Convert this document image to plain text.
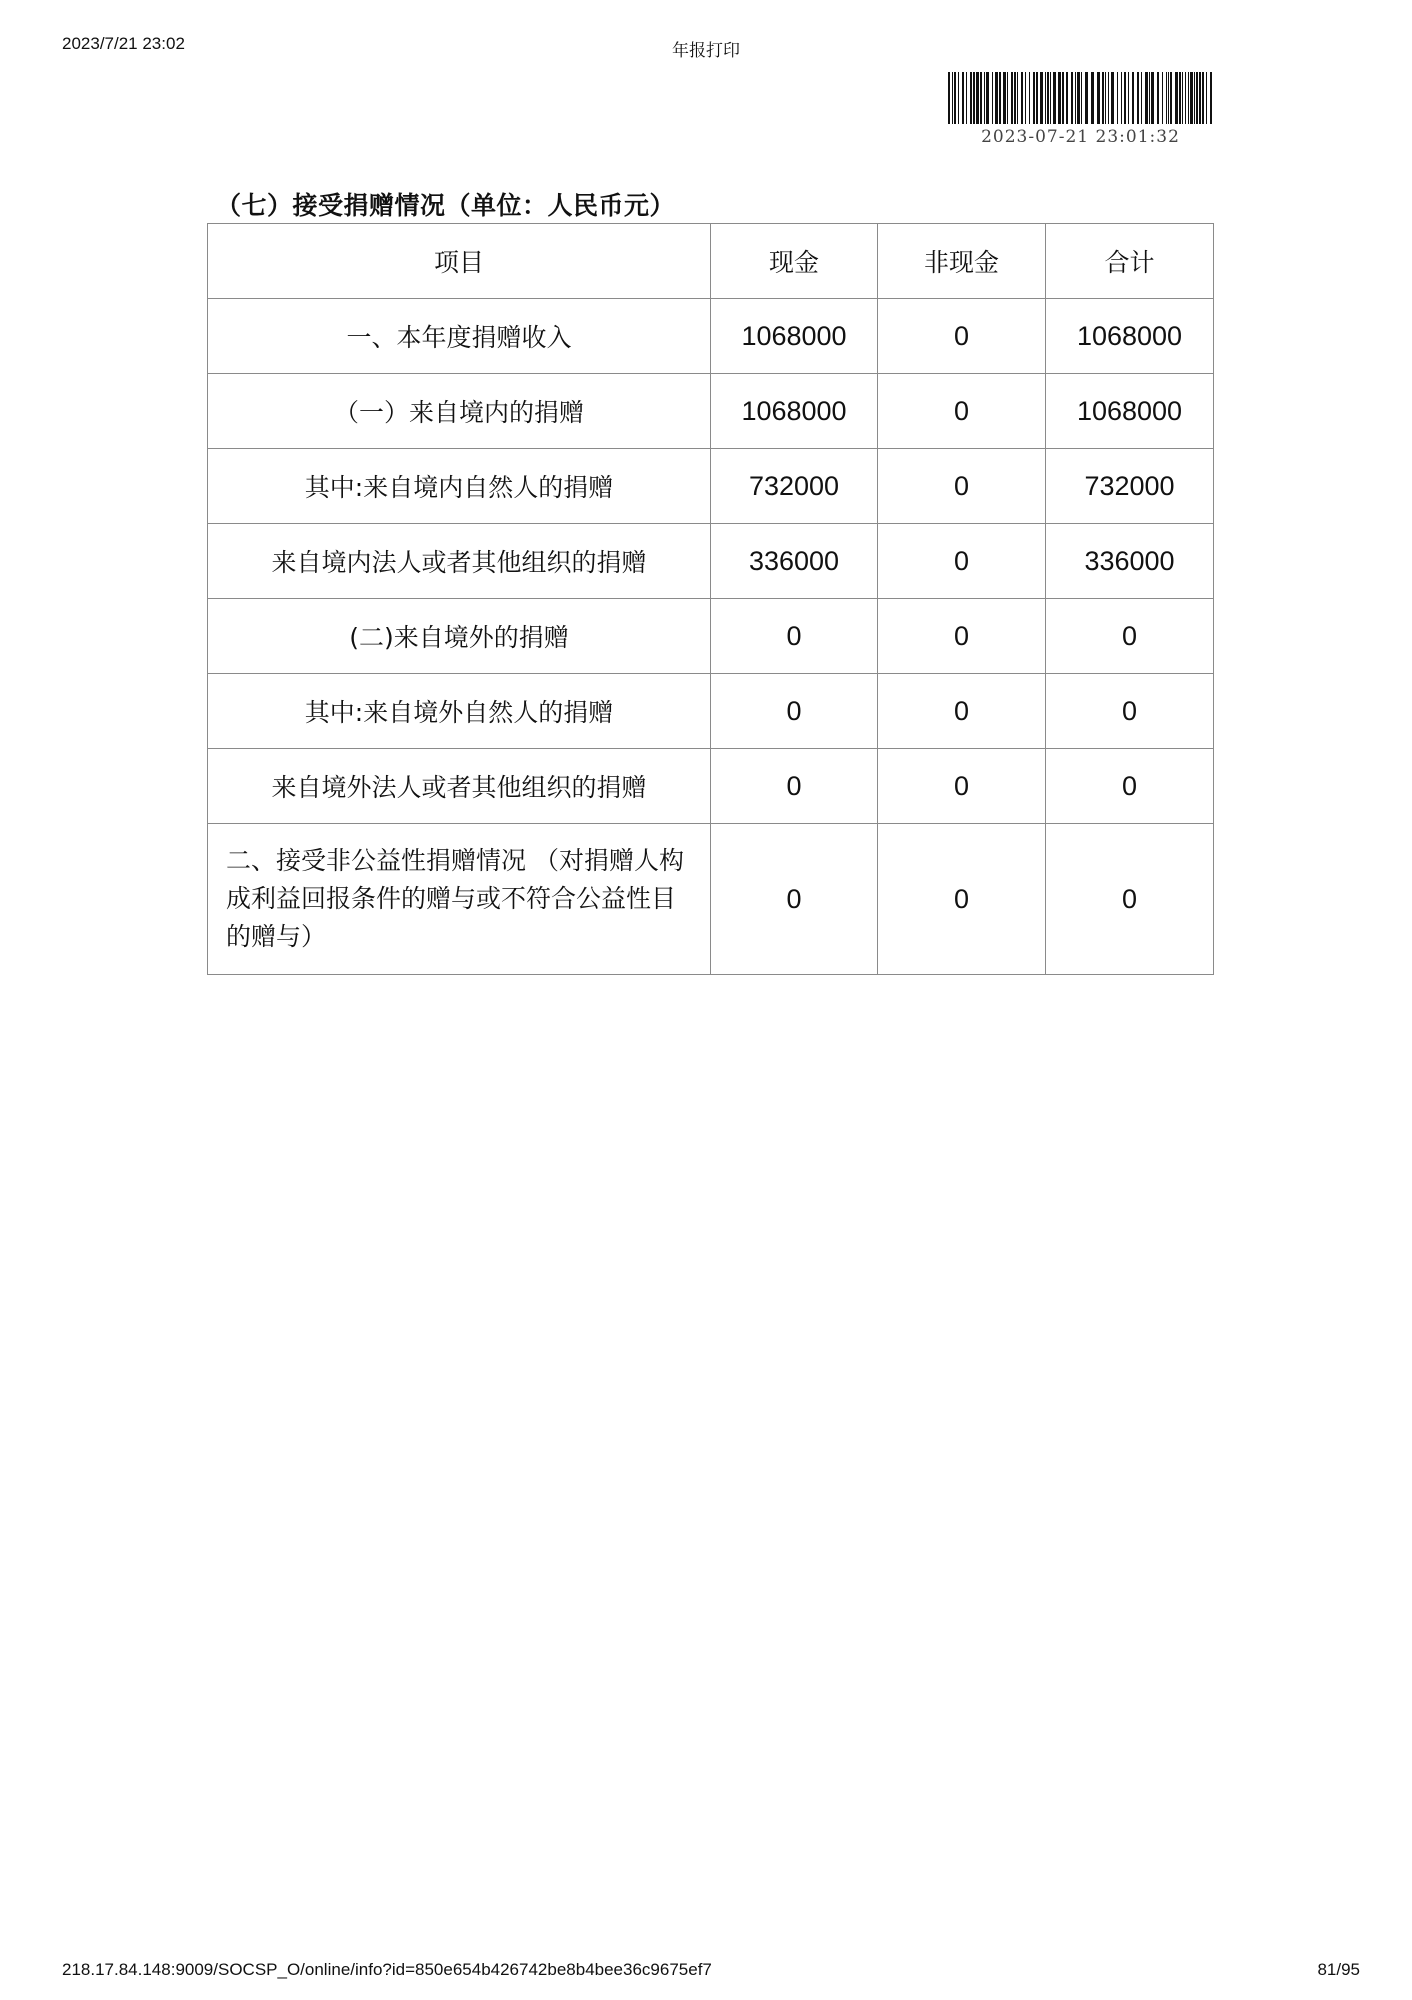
2023/7/21 23:02	年报打印
2023-07-21 23:01:32
（七）接受捐赠情况（单位：人民币元）
项目	现金	非现金	合计
一、本年度捐赠收入	1068000	0	1068000
（一）来自境内的捐赠	1068000	0	1068000
其中:来自境内自然人的捐赠	732000	0	732000
来自境内法人或者其他组织的捐赠	336000	0	336000
(二)来自境外的捐赠	0	0	0
其中:来自境外自然人的捐赠	0	0	0
来自境外法人或者其他组织的捐赠	0	0	0
二、接受非公益性捐赠情况 （对捐赠人构成利益回报条件的赠与或不符合公益性目的赠与）	0	0	0
218.17.84.148:9009/SOCSP_O/online/info?id=850e654b426742be8b4bee36c9675ef7	81/95
